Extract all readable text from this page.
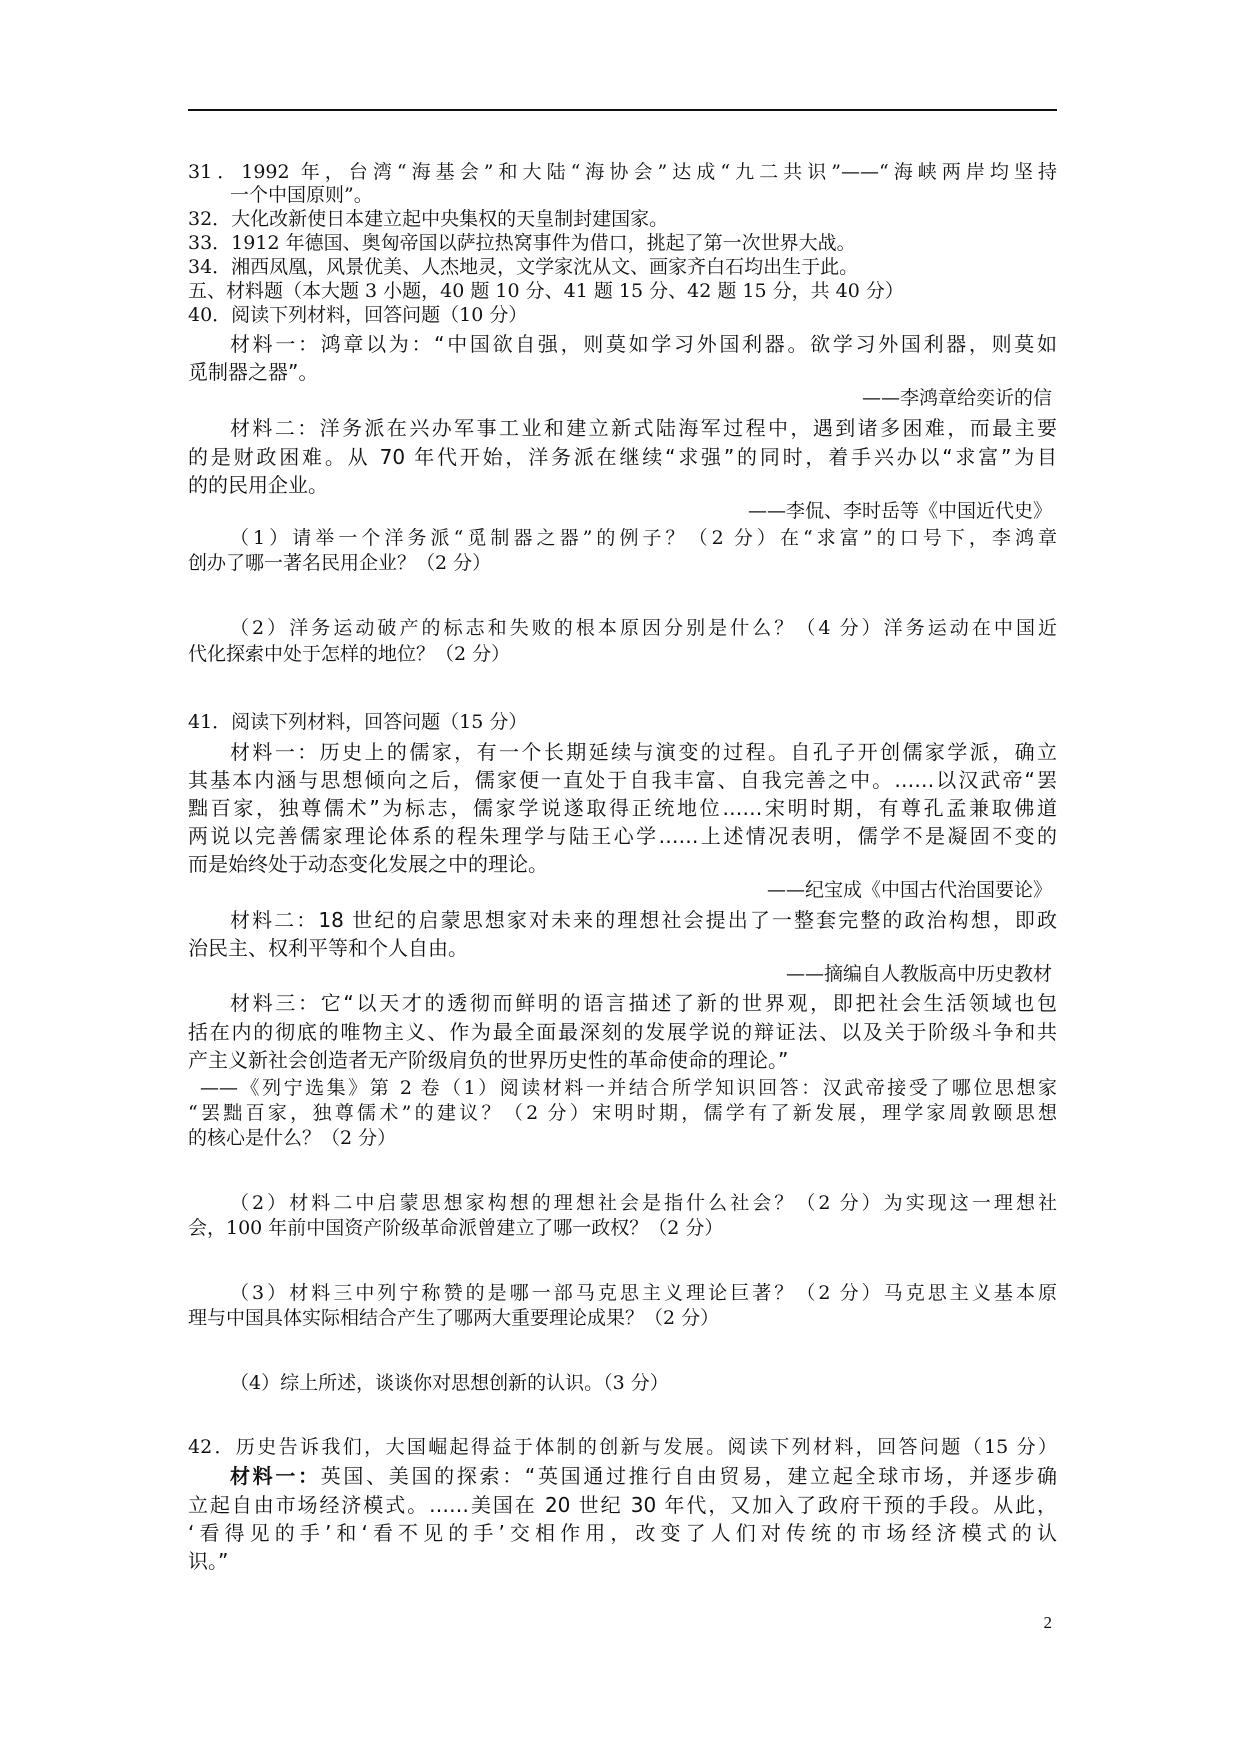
31．1992 年，台湾“海基会”和大陆“海协会”达成“九二共识”——“海峡两岸均坚持
一个中国原则”。
32．大化改新使日本建立起中央集权的天皇制封建国家。
33．1912 年德国、奥匈帝国以萨拉热窝事件为借口，挑起了第一次世界大战。
34．湘西凤凰，风景优美、人杰地灵，文学家沈从文、画家齐白石均出生于此。
五、材料题（本大题 3 小题，40 题 10 分、41 题 15 分、42 题 15 分，共 40 分）
40．阅读下列材料，回答问题（10 分）
材料一：鸿章以为：“中国欲自强，则莫如学习外国利器。欲学习外国利器，则莫如
觅制器之器”。
——李鸿章给奕䜣的信
材料二：洋务派在兴办军事工业和建立新式陆海军过程中，遇到诸多困难，而最主要
的是财政困难。从 70 年代开始，洋务派在继续“求强”的同时，着手兴办以“求富”为目
的的民用企业。
——李侃、李时岳等《中国近代史》
（1）请举一个洋务派“觅制器之器”的例子？（2 分）在“求富”的口号下，李鸿章
创办了哪一著名民用企业？（2 分）
（2）洋务运动破产的标志和失败的根本原因分别是什么？（4 分）洋务运动在中国近
代化探索中处于怎样的地位？（2 分）
41．阅读下列材料，回答问题（15 分）
材料一：历史上的儒家，有一个长期延续与演变的过程。自孔子开创儒家学派，确立
其基本内涵与思想倾向之后，儒家便一直处于自我丰富、自我完善之中。……以汉武帝“罢
黜百家，独尊儒术”为标志，儒家学说遂取得正统地位……宋明时期，有尊孔孟兼取佛道
两说以完善儒家理论体系的程朱理学与陆王心学……上述情况表明，儒学不是凝固不变的
而是始终处于动态变化发展之中的理论。
——纪宝成《中国古代治国要论》
材料二：18 世纪的启蒙思想家对未来的理想社会提出了一整套完整的政治构想，即政
治民主、权利平等和个人自由。
——摘编自人教版高中历史教材
材料三：它“以天才的透彻而鲜明的语言描述了新的世界观，即把社会生活领域也包
括在内的彻底的唯物主义、作为最全面最深刻的发展学说的辩证法、以及关于阶级斗争和共
产主义新社会创造者无产阶级肩负的世界历史性的革命使命的理论。”
——《列宁选集》第 2 卷（1）阅读材料一并结合所学知识回答：汉武帝接受了哪位思想家
“罢黜百家，独尊儒术”的建议？（2 分）宋明时期，儒学有了新发展，理学家周敦颐思想
的核心是什么？（2 分）
（2）材料二中启蒙思想家构想的理想社会是指什么社会？（2 分）为实现这一理想社
会，100 年前中国资产阶级革命派曾建立了哪一政权？（2 分）
（3）材料三中列宁称赞的是哪一部马克思主义理论巨著？（2 分）马克思主义基本原
理与中国具体实际相结合产生了哪两大重要理论成果？（2 分）
（4）综上所述，谈谈你对思想创新的认识。（3 分）
42．历史告诉我们，大国崛起得益于体制的创新与发展。阅读下列材料，回答问题（15 分）
材料一：英国、美国的探索：“英国通过推行自由贸易，建立起全球市场，并逐步确
立起自由市场经济模式。……美国在 20 世纪 30 年代，又加入了政府干预的手段。从此，
‘看得见的手’和‘看不见的手’交相作用，改变了人们对传统的市场经济模式的认
识。”
2
